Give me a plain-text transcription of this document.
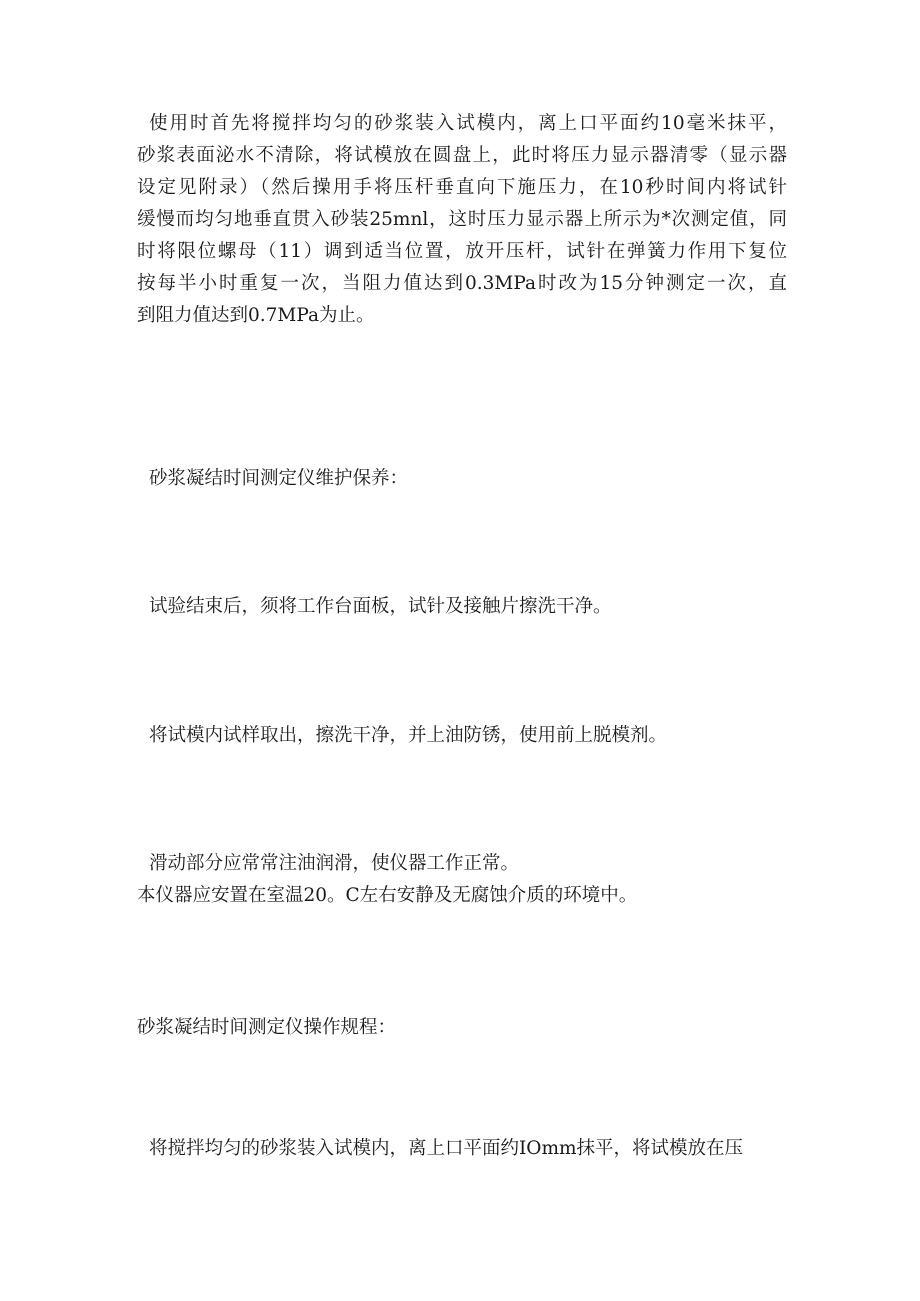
使用时首先将搅拌均匀的砂浆装入试模内，离上口平面约10毫米抹平，
砂浆表面泌水不清除，将试模放在圆盘上，此时将压力显示器清零（显示器
设定见附录）（然后操用手将压杆垂直向下施压力，在10秒时间内将试针
缓慢而均匀地垂直贯入砂装25mnl，这时压力显示器上所示为*次测定值，同
时将限位螺母（11）调到适当位置，放开压杆，试针在弹簧力作用下复位
按每半小时重复一次，当阻力值达到0.3MPa时改为15分钟测定一次，直
到阻力值达到0.7MPa为止。

砂浆凝结时间测定仪维护保养：

试验结束后，须将工作台面板，试针及接触片擦洗干净。

将试模内试样取出，擦洗干净，并上油防锈，使用前上脱模剂。

滑动部分应常常注油润滑，使仪器工作正常。

本仪器应安置在室温20。C左右安静及无腐蚀介质的环境中。

砂浆凝结时间测定仪操作规程：

将搅拌均匀的砂浆装入试模内，离上口平面约IOmm抹平，将试模放在压
